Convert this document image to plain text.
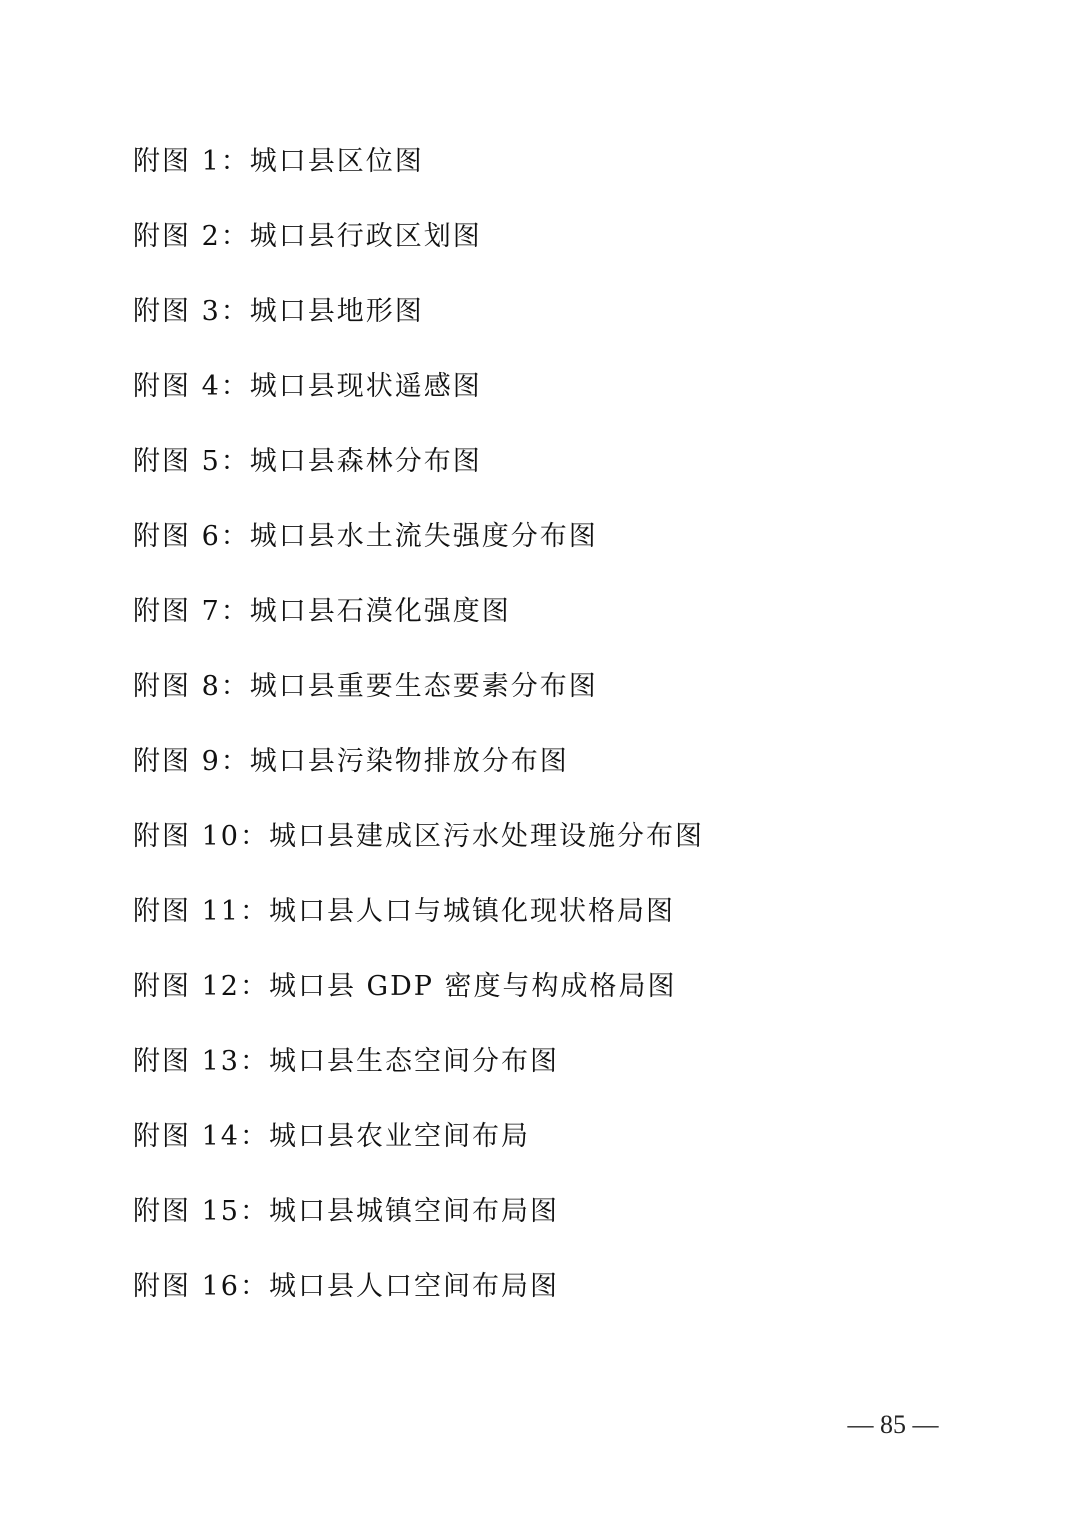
附图 1：城口县区位图
附图 2：城口县行政区划图
附图 3：城口县地形图
附图 4：城口县现状遥感图
附图 5：城口县森林分布图
附图 6：城口县水土流失强度分布图
附图 7：城口县石漠化强度图
附图 8：城口县重要生态要素分布图
附图 9：城口县污染物排放分布图
附图 10：城口县建成区污水处理设施分布图
附图 11：城口县人口与城镇化现状格局图
附图 12：城口县 GDP 密度与构成格局图
附图 13：城口县生态空间分布图
附图 14：城口县农业空间布局
附图 15：城口县城镇空间布局图
附图 16：城口县人口空间布局图
— 85 —
